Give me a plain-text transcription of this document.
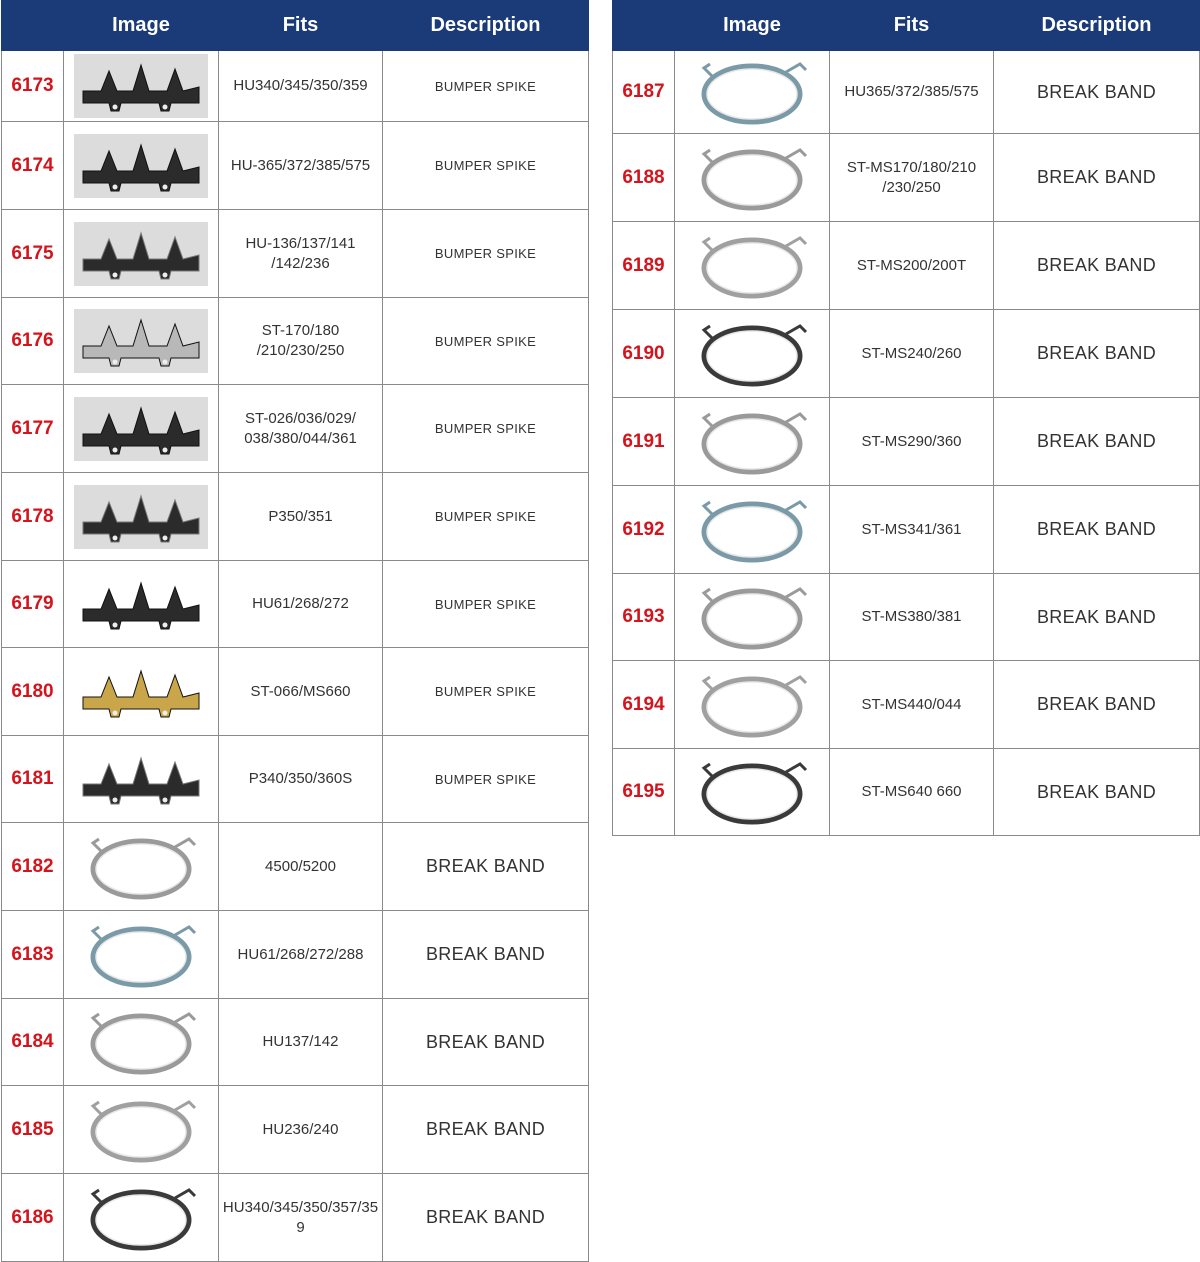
	Image	Fits	Description
6173		HU340/345/350/359	BUMPER SPIKE
6174		HU-365/372/385/575	BUMPER SPIKE
6175		HU-136/137/141 /142/236	BUMPER SPIKE
6176		ST-170/180 /210/230/250	BUMPER SPIKE
6177		ST-026/036/029/ 038/380/044/361	BUMPER SPIKE
6178		P350/351	BUMPER SPIKE
6179		HU61/268/272	BUMPER SPIKE
6180		ST-066/MS660	BUMPER SPIKE
6181		P340/350/360S	BUMPER SPIKE
6182		4500/5200	BREAK BAND
6183		HU61/268/272/288	BREAK BAND
6184		HU137/142	BREAK BAND
6185		HU236/240	BREAK BAND
6186		HU340/345/350/357/35 9	BREAK BAND
	Image	Fits	Description
6187		HU365/372/385/575	BREAK BAND
6188		ST-MS170/180/210 /230/250	BREAK BAND
6189		ST-MS200/200T	BREAK BAND
6190		ST-MS240/260	BREAK BAND
6191		ST-MS290/360	BREAK BAND
6192		ST-MS341/361	BREAK BAND
6193		ST-MS380/381	BREAK BAND
6194		ST-MS440/044	BREAK BAND
6195		ST-MS640 660	BREAK BAND
